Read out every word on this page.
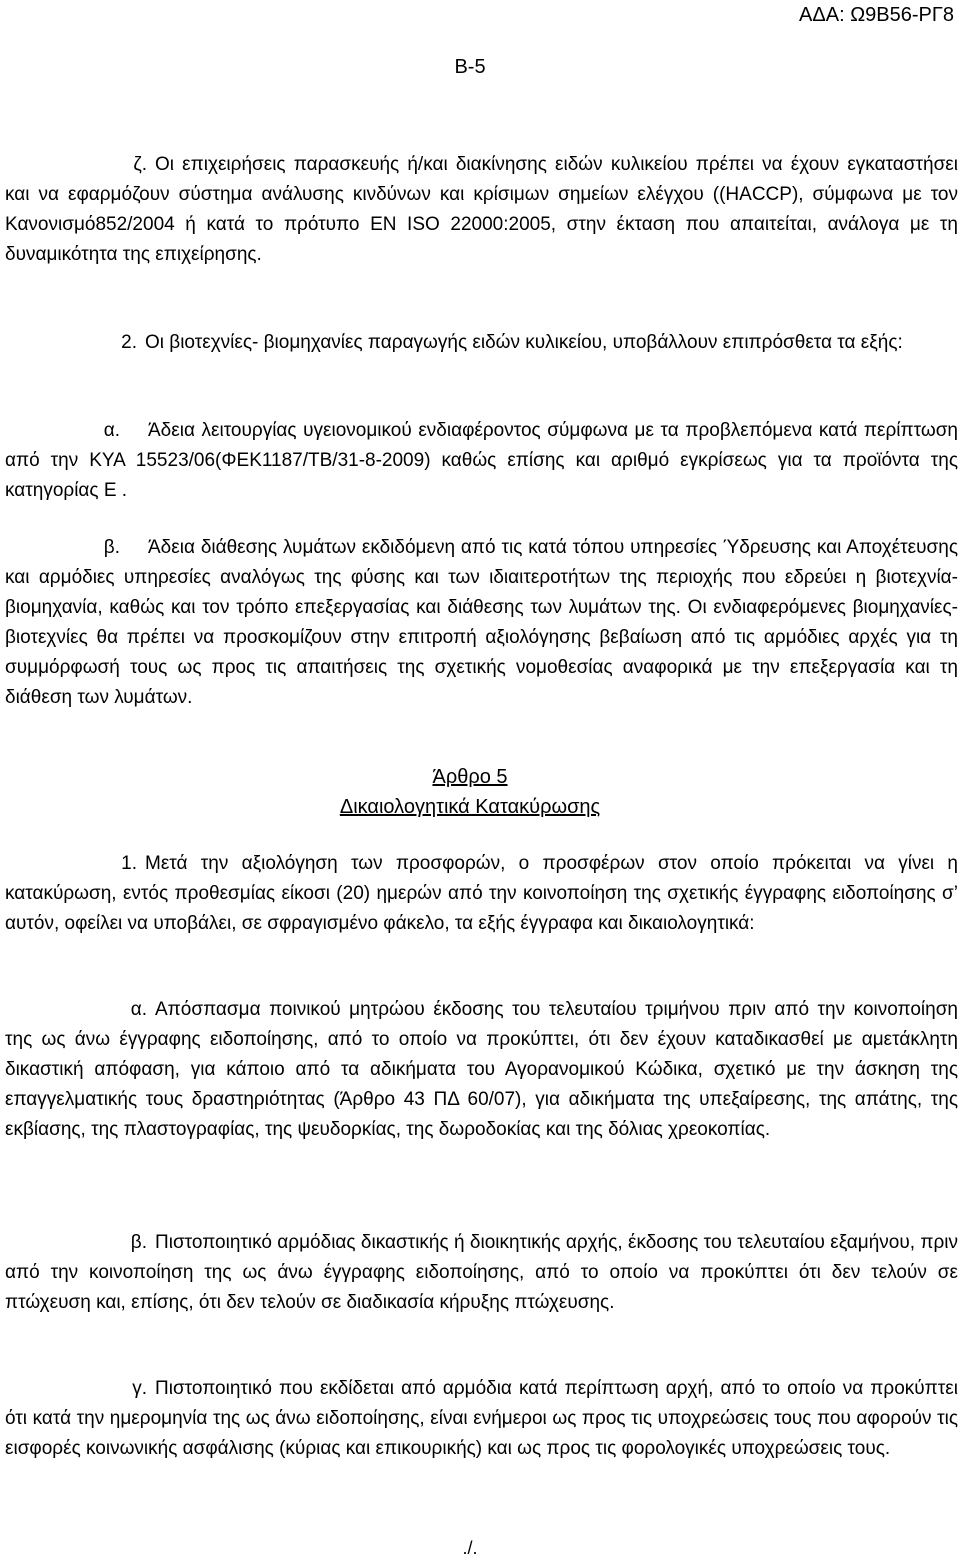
ΑΔΑ: Ω9Β56-ΡΓ8
Β-5
ζ. Οι επιχειρήσεις παρασκευής ή/και διακίνησης ειδών κυλικείου πρέπει να έχουν εγκαταστήσει και να εφαρμόζουν σύστημα ανάλυσης κινδύνων και κρίσιμων σημείων ελέγχου ((HACCP), σύμφωνα με τον Κανονισμό852/2004 ή κατά το πρότυπο EN ISO 22000:2005, στην έκταση που απαιτείται, ανάλογα με τη δυναμικότητα της επιχείρησης.
2. Οι βιοτεχνίες- βιομηχανίες παραγωγής ειδών κυλικείου, υποβάλλουν επιπρόσθετα τα εξής:
α. Άδεια λειτουργίας υγειονομικού ενδιαφέροντος σύμφωνα με τα προβλεπόμενα κατά περίπτωση από την ΚΥΑ 15523/06(ΦΕΚ1187/ΤΒ/31-8-2009) καθώς επίσης και αριθμό εγκρίσεως για τα προϊόντα της κατηγορίας Ε .
β. Άδεια διάθεσης λυμάτων εκδιδόμενη από τις κατά τόπου υπηρεσίες Ύδρευσης και Αποχέτευσης και αρμόδιες υπηρεσίες αναλόγως της φύσης και των ιδιαιτεροτήτων της περιοχής που εδρεύει η βιοτεχνία-βιομηχανία, καθώς και τον τρόπο επεξεργασίας και διάθεσης των λυμάτων της. Οι ενδιαφερόμενες βιομηχανίες-βιοτεχνίες θα πρέπει να προσκομίζουν στην επιτροπή αξιολόγησης βεβαίωση από τις αρμόδιες αρχές για τη συμμόρφωσή τους ως προς τις απαιτήσεις της σχετικής νομοθεσίας αναφορικά με την επεξεργασία και τη διάθεση των λυμάτων.
Άρθρο 5
Δικαιολογητικά Κατακύρωσης
1. Μετά την αξιολόγηση των προσφορών, ο προσφέρων στον οποίο πρόκειται να γίνει η κατακύρωση, εντός προθεσμίας είκοσι (20) ημερών από την κοινοποίηση της σχετικής έγγραφης ειδοποίησης σ’ αυτόν, οφείλει να υποβάλει, σε σφραγισμένο φάκελο, τα εξής έγγραφα και δικαιολογητικά:
α. Απόσπασμα ποινικού μητρώου έκδοσης του τελευταίου τριμήνου πριν από την κοινοποίηση της ως άνω έγγραφης ειδοποίησης, από το οποίο να προκύπτει, ότι δεν έχουν καταδικασθεί με αμετάκλητη δικαστική απόφαση, για κάποιο από τα αδικήματα του Αγορανομικού Κώδικα, σχετικό με την άσκηση της επαγγελματικής τους δραστηριότητας (Άρθρο 43 ΠΔ 60/07), για αδικήματα της υπεξαίρεσης, της απάτης, της εκβίασης, της πλαστογραφίας, της ψευδορκίας, της δωροδοκίας και της δόλιας χρεοκοπίας.
β. Πιστοποιητικό αρμόδιας δικαστικής ή διοικητικής αρχής, έκδοσης του τελευταίου εξαμήνου, πριν από την κοινοποίηση της ως άνω έγγραφης ειδοποίησης, από το οποίο να προκύπτει ότι δεν τελούν σε πτώχευση και, επίσης, ότι δεν τελούν σε διαδικασία κήρυξης πτώχευσης.
γ. Πιστοποιητικό που εκδίδεται από αρμόδια κατά περίπτωση αρχή, από το οποίο να προκύπτει ότι κατά την ημερομηνία της ως άνω ειδοποίησης, είναι ενήμεροι ως προς τις υποχρεώσεις τους που αφορούν τις εισφορές κοινωνικής ασφάλισης (κύριας και επικουρικής) και ως προς τις φορολογικές υποχρεώσεις τους.
./.
